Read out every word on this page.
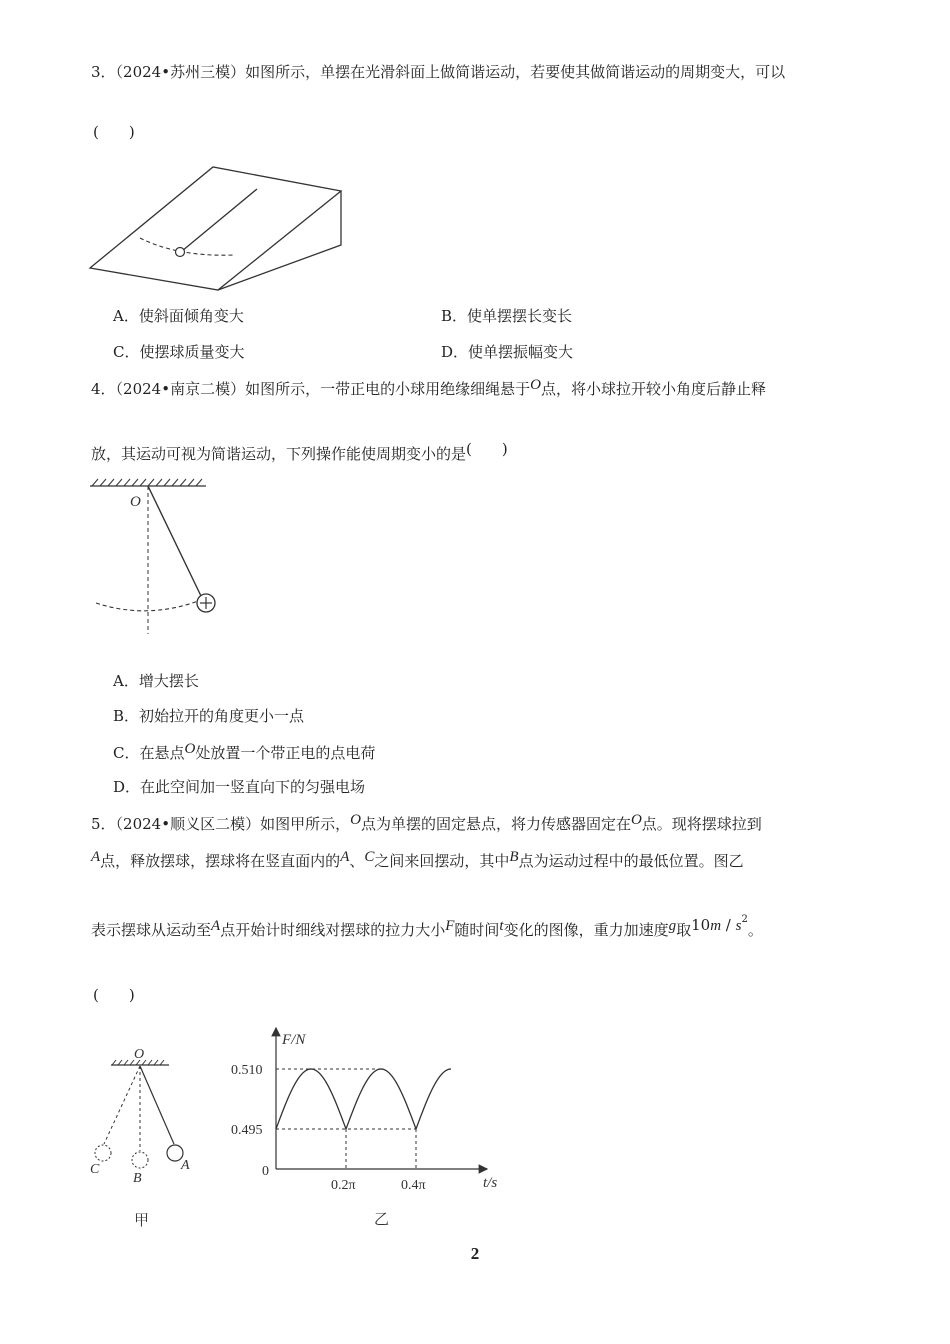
3．（2024•苏州三模）如图所示，单摆在光滑斜面上做简谐运动，若要使其做简谐运动的周期变大，可以
(　　)
A．使斜面倾角变大	B．使单摆摆长变长
C．使摆球质量变大	D．使单摆振幅变大
4．（2024•南京二模）如图所示，一带正电的小球用绝缘细绳悬于O点，将小球拉开较小角度后静止释
放，其运动可视为简谐运动，下列操作能使周期变小的是(　　)
O
A．增大摆长
B．初始拉开的角度更小一点
C．在悬点O处放置一个带正电的点电荷
D．在此空间加一竖直向下的匀强电场
5．（2024•顺义区二模）如图甲所示，O点为单摆的固定悬点，将力传感器固定在O点。现将摆球拉到
A点，释放摆球，摆球将在竖直面内的A、C之间来回摆动，其中B点为运动过程中的最低位置。图乙
表示摆球从运动至A点开始计时细线对摆球的拉力大小F随时间t变化的图像，重力加速度g取$10m / s^2$。
(　　)
O
A
B
C
甲
F/N
t/s
0
0.495
0.510
0.2π	0.4π
乙
2
